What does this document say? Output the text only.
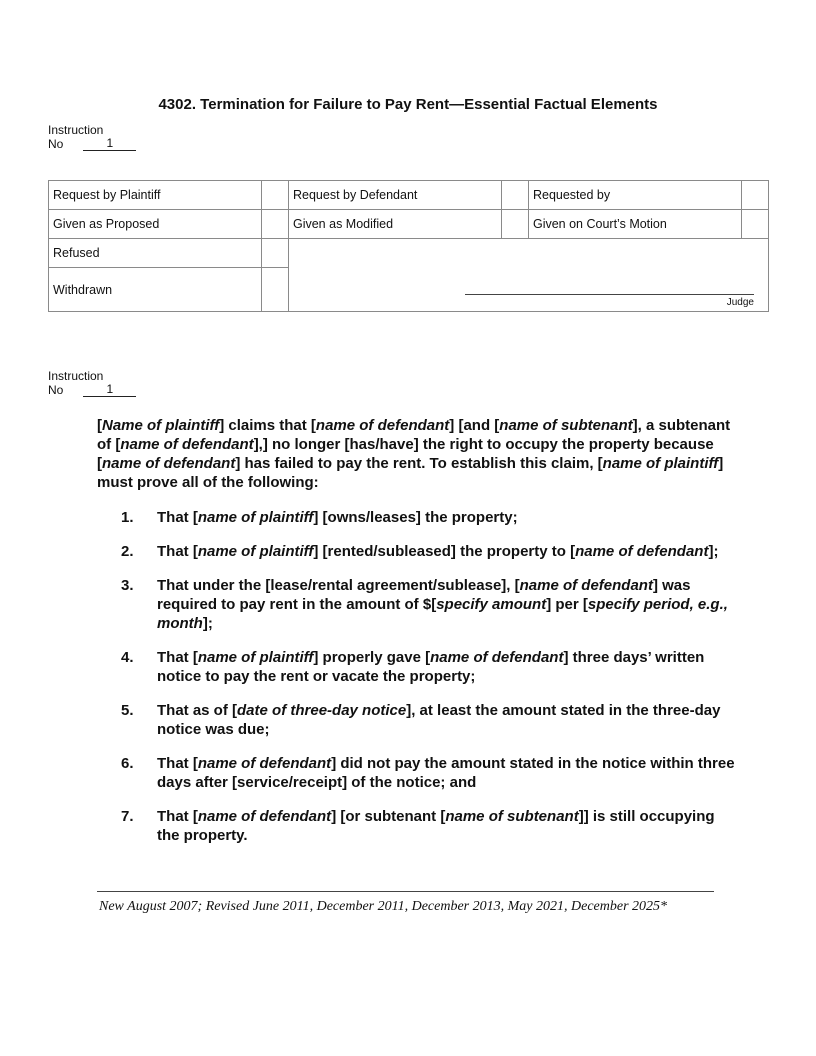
4302. Termination for Failure to Pay Rent—Essential Factual Elements
Instruction
No	1
Request by Plaintiff		Request by Defendant		Requested by	
Given as Proposed		Given as Modified		Given on Court’s Motion	
Refused		Judge			

Withdrawn					
Instruction
No	1

[Name of plaintiff] claims that [name of defendant] [and [name of subtenant], a subtenant of [name of defendant],] no longer [has/have] the right to occupy the property because [name of defendant] has failed to pay the rent. To establish this claim, [name of plaintiff] must prove all of the following:

1.	That [name of plaintiff] [owns/leases] the property;
2.	That [name of plaintiff] [rented/subleased] the property to [name of defendant];
3.	That under the [lease/rental agreement/sublease], [name of defendant] was required to pay rent in the amount of $[specify amount] per [specify period, e.g., month];
4.	That [name of plaintiff] properly gave [name of defendant] three days’ written notice to pay the rent or vacate the property;
5.	That as of [date of three-day notice], at least the amount stated in the three-day notice was due;
6.	That [name of defendant] did not pay the amount stated in the notice within three days after [service/receipt] of the notice; and
7.	That [name of defendant] [or subtenant [name of subtenant]] is still occupying the property.
New August 2007; Revised June 2011, December 2011, December 2013, May 2021, December 2025*
